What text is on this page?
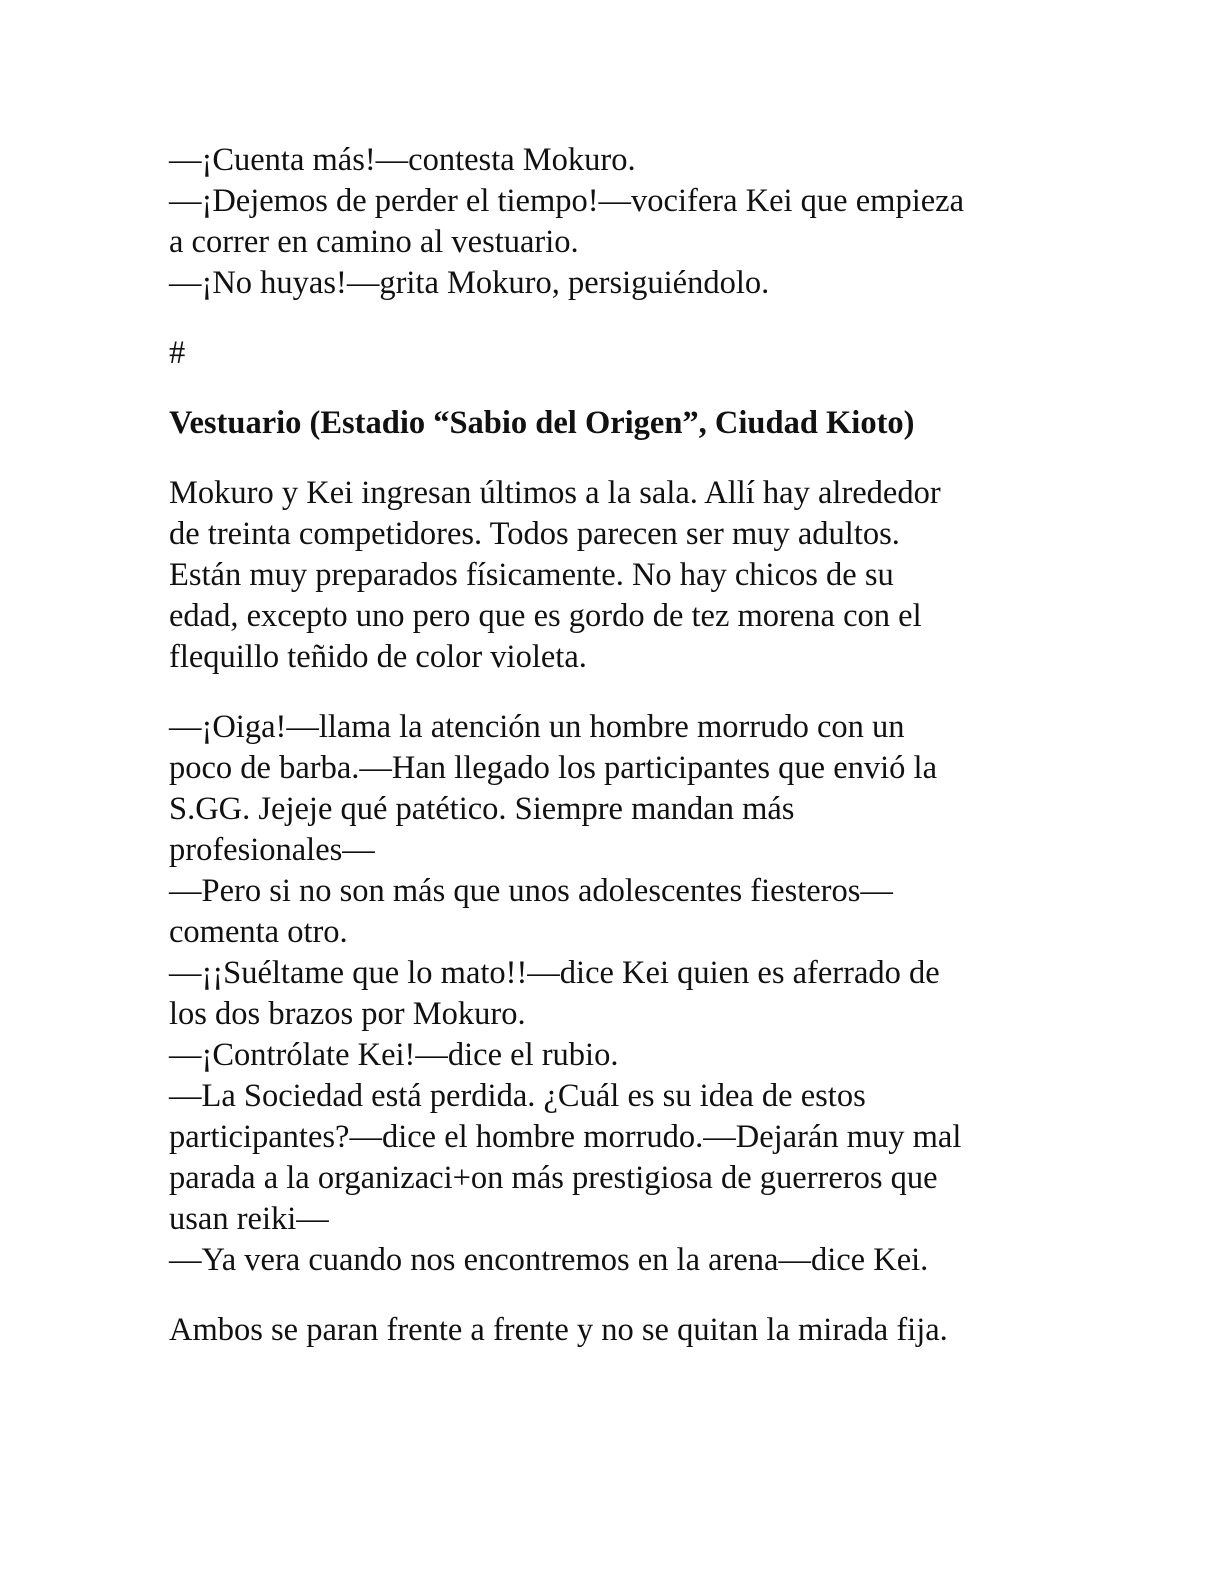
—¡Cuenta más!—contesta Mokuro.
—¡Dejemos de perder el tiempo!—vocifera Kei que empieza
a correr en camino al vestuario.
—¡No huyas!—grita Mokuro, persiguiéndolo.
#
Vestuario (Estadio “Sabio del Origen”, Ciudad Kioto)
Mokuro y Kei ingresan últimos a la sala. Allí hay alrededor
de treinta competidores. Todos parecen ser muy adultos.
Están muy preparados físicamente. No hay chicos de su
edad, excepto uno pero que es gordo de tez morena con el
flequillo teñido de color violeta.
—¡Oiga!—llama la atención un hombre morrudo con un
poco de barba.—Han llegado los participantes que envió la
S.GG. Jejeje qué patético. Siempre mandan más
profesionales—
—Pero si no son más que unos adolescentes fiesteros—
comenta otro.
—¡¡Suéltame que lo mato!!—dice Kei quien es aferrado de
los dos brazos por Mokuro.
—¡Contrólate Kei!—dice el rubio.
—La Sociedad está perdida. ¿Cuál es su idea de estos
participantes?—dice el hombre morrudo.—Dejarán muy mal
parada a la organizaci+on más prestigiosa de guerreros que
usan reiki—
—Ya vera cuando nos encontremos en la arena—dice Kei.
Ambos se paran frente a frente y no se quitan la mirada fija.
